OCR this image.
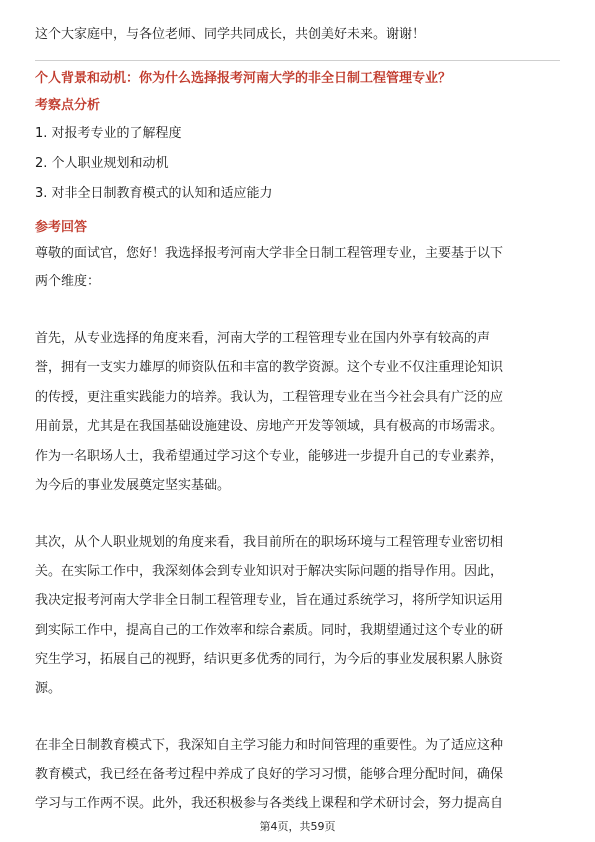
这个大家庭中，与各位老师、同学共同成长，共创美好未来。谢谢！
个人背景和动机：你为什么选择报考河南大学的非全日制工程管理专业？
考察点分析
1. 对报考专业的了解程度
2. 个人职业规划和动机
3. 对非全日制教育模式的认知和适应能力
参考回答
尊敬的面试官，您好！我选择报考河南大学非全日制工程管理专业，主要基于以下
两个维度：
首先，从专业选择的角度来看，河南大学的工程管理专业在国内外享有较高的声
誉，拥有一支实力雄厚的师资队伍和丰富的教学资源。这个专业不仅注重理论知识
的传授，更注重实践能力的培养。我认为，工程管理专业在当今社会具有广泛的应
用前景，尤其是在我国基础设施建设、房地产开发等领域，具有极高的市场需求。
作为一名职场人士，我希望通过学习这个专业，能够进一步提升自己的专业素养，
为今后的事业发展奠定坚实基础。
其次，从个人职业规划的角度来看，我目前所在的职场环境与工程管理专业密切相
关。在实际工作中，我深刻体会到专业知识对于解决实际问题的指导作用。因此，
我决定报考河南大学非全日制工程管理专业，旨在通过系统学习，将所学知识运用
到实际工作中，提高自己的工作效率和综合素质。同时，我期望通过这个专业的研
究生学习，拓展自己的视野，结识更多优秀的同行，为今后的事业发展积累人脉资
源。
在非全日制教育模式下，我深知自主学习能力和时间管理的重要性。为了适应这种
教育模式，我已经在备考过程中养成了良好的学习习惯，能够合理分配时间，确保
学习与工作两不误。此外，我还积极参与各类线上课程和学术研讨会，努力提高自
第4页，共59页
